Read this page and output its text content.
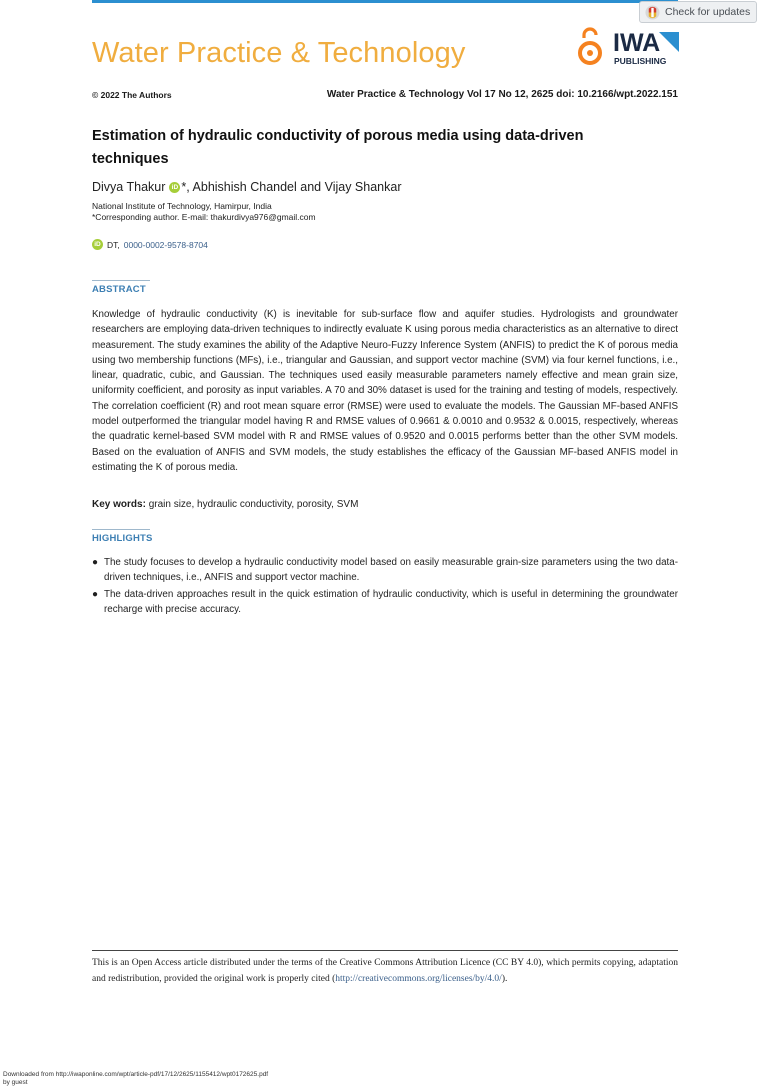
Check for updates
Water Practice & Technology	IWA
PUBLISHING
© 2022 The Authors	Water Practice & Technology Vol 17 No 12, 2625 doi: 10.2166/wpt.2022.151
Estimation of hydraulic conductivity of porous media using data-driven techniques
Divya Thakur iD *, Abhishish Chandel and Vijay Shankar
National Institute of Technology, Hamirpur, India
*Corresponding author. E-mail: thakurdivya976@gmail.com
iD DT, 0000-0002-9578-8704
ABSTRACT
Knowledge of hydraulic conductivity (K) is inevitable for sub-surface flow and aquifer studies. Hydrologists and groundwater researchers are employing data-driven techniques to indirectly evaluate K using porous media characteristics as an alternative to direct measurement. The study examines the ability of the Adaptive Neuro-Fuzzy Inference System (ANFIS) to predict the K of porous media using two membership functions (MFs), i.e., triangular and Gaussian, and support vector machine (SVM) via four kernel functions, i.e., linear, quadratic, cubic, and Gaussian. The techniques used easily measurable parameters namely effective and mean grain size, uniformity coefficient, and porosity as input variables. A 70 and 30% dataset is used for the training and testing of models, respectively. The correlation coefficient (R) and root mean square error (RMSE) were used to evaluate the models. The Gaussian MF-based ANFIS model outperformed the triangular model having R and RMSE values of 0.9661 & 0.0010 and 0.9532 & 0.0015, respectively, whereas the quadratic kernel-based SVM model with R and RMSE values of 0.9520 and 0.0015 performs better than the other SVM models. Based on the evaluation of ANFIS and SVM models, the study establishes the efficacy of the Gaussian MF-based ANFIS model in estimating the K of porous media.
Key words: grain size, hydraulic conductivity, porosity, SVM
HIGHLIGHTS
● The study focuses to develop a hydraulic conductivity model based on easily measurable grain-size parameters using the two data-driven techniques, i.e., ANFIS and support vector machine.
● The data-driven approaches result in the quick estimation of hydraulic conductivity, which is useful in determining the groundwater recharge with precise accuracy.
This is an Open Access article distributed under the terms of the Creative Commons Attribution Licence (CC BY 4.0), which permits copying, adaptation and redistribution, provided the original work is properly cited (http://creativecommons.org/licenses/by/4.0/).
Downloaded from http://iwaponline.com/wpt/article-pdf/17/12/2625/1155412/wpt0172625.pdf
by guest
